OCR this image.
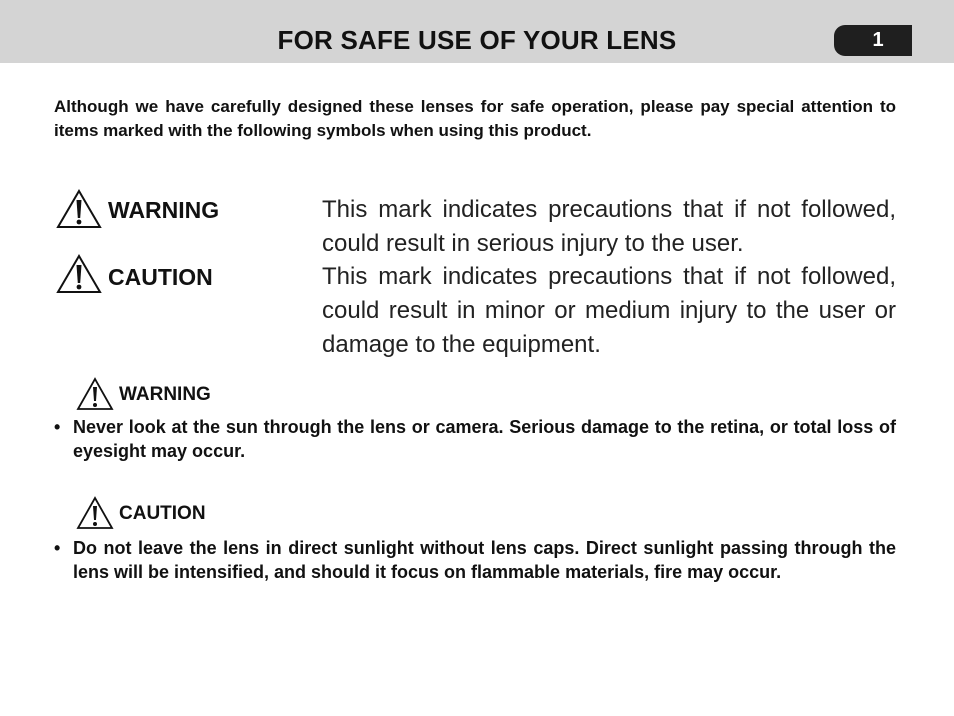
FOR SAFE USE OF YOUR LENS	1
Although we have carefully designed these lenses for safe operation, please pay special attention to items marked with the following symbols when using this product.
WARNING	This mark indicates precautions that if not followed, could result in serious injury to the user.
CAUTION	This mark indicates precautions that if not followed, could result in minor or medium injury to the user or damage to the equipment.
WARNING
• Never look at the sun through the lens or camera. Serious damage to the retina, or total loss of eyesight may occur.
CAUTION
• Do not leave the lens in direct sunlight without lens caps. Direct sunlight passing through the lens will be intensified, and should it focus on flammable materials, fire may occur.
